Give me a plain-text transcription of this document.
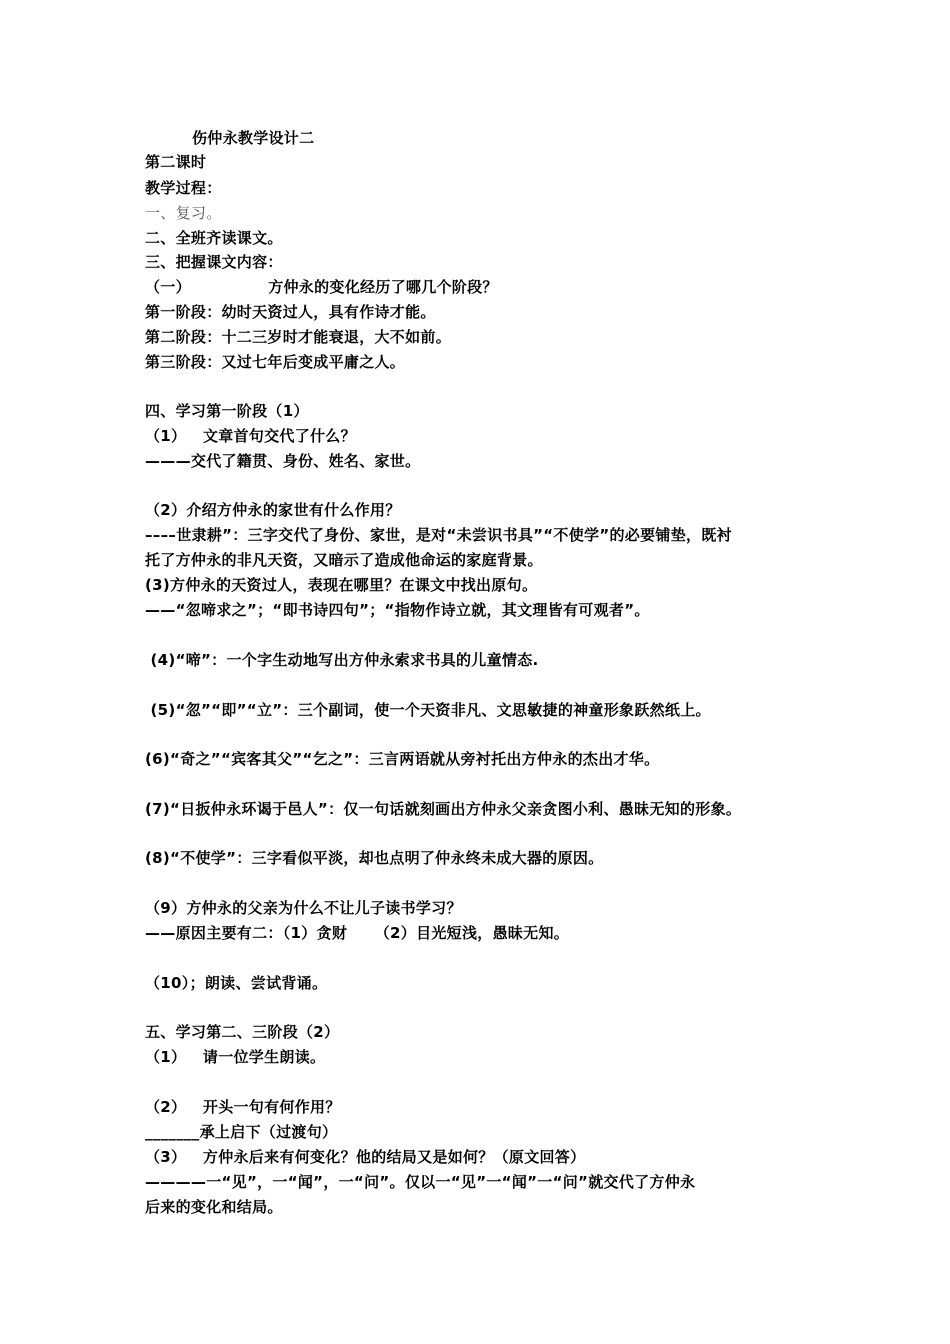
伤仲永教学设计二
第二课时
教学过程：
一、复习。
二、全班齐读课文。
三、把握课文内容：
（一）              方仲永的变化经历了哪几个阶段？
第一阶段：幼时天资过人，具有作诗才能。
第二阶段：十二三岁时才能衰退，大不如前。
第三阶段：又过七年后变成平庸之人。
四、学习第一阶段（1）
（1）   文章首句交代了什么？
———交代了籍贯、身份、姓名、家世。
（2）介绍方仲永的家世有什么作用？
––––世隶耕”：三字交代了身份、家世，是对“未尝识书具”“不使学”的必要铺垫，既衬
托了方仲永的非凡天资，又暗示了造成他命运的家庭背景。
(3)方仲永的天资过人，表现在哪里？在课文中找出原句。
——“忽啼求之”；“即书诗四句”；“指物作诗立就，其文理皆有可观者”。
(4)“啼”：一个字生动地写出方仲永索求书具的儿童情态.
(5)“忽”“即”“立”：三个副词，使一个天资非凡、文思敏捷的神童形象跃然纸上。
(6)“奇之”“宾客其父”“乞之”：三言两语就从旁衬托出方仲永的杰出才华。
(7)“日扳仲永环谒于邑人”：仅一句话就刻画出方仲永父亲贪图小利、愚昧无知的形象。
(8)“不使学”：三字看似平淡，却也点明了仲永终未成大器的原因。
（9）方仲永的父亲为什么不让儿子读书学习？
——原因主要有二：（1）贪财     （2）目光短浅，愚昧无知。
（10）；朗读、尝试背诵。
五、学习第二、三阶段（2）
（1）   请一位学生朗读。
（2）   开头一句有何作用？
_______承上启下（过渡句）
（3）   方仲永后来有何变化？他的结局又是如何？（原文回答）
————一“见”，一“闻”，一“问”。仅以一“见”一“闻”一“问”就交代了方仲永
后来的变化和结局。
